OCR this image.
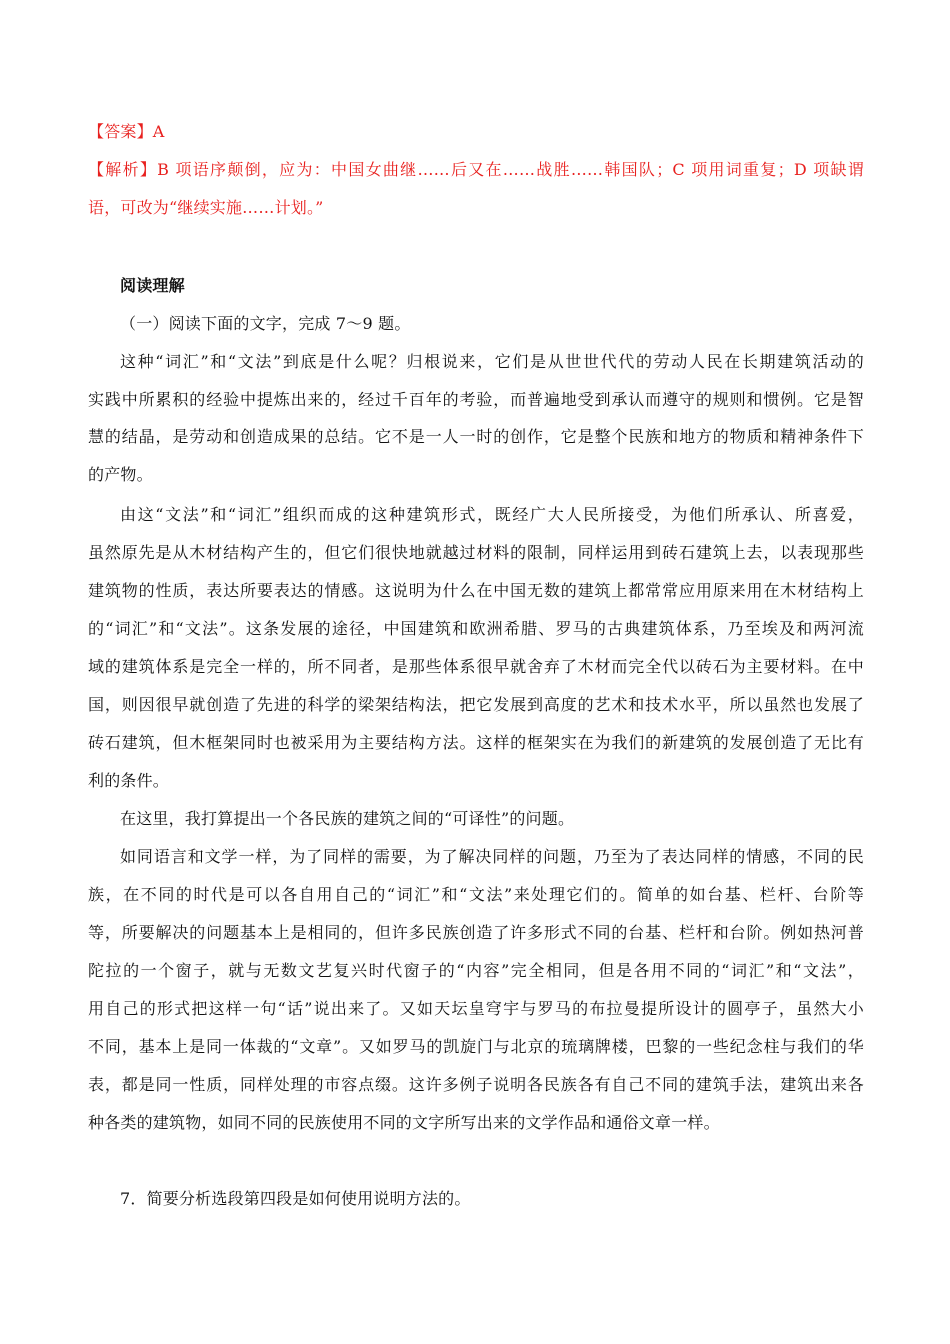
【答案】A
【解析】B 项语序颠倒，应为：中国女曲继……后又在……战胜……韩国队；C 项用词重复；D 项缺谓
语，可改为“继续实施……计划。”
阅读理解
（一）阅读下面的文字，完成 7～9 题。
这种“词汇”和“文法”到底是什么呢？归根说来，它们是从世世代代的劳动人民在长期建筑活动的
实践中所累积的经验中提炼出来的，经过千百年的考验，而普遍地受到承认而遵守的规则和惯例。它是智
慧的结晶，是劳动和创造成果的总结。它不是一人一时的创作，它是整个民族和地方的物质和精神条件下
的产物。
由这“文法”和“词汇”组织而成的这种建筑形式，既经广大人民所接受，为他们所承认、所喜爱，
虽然原先是从木材结构产生的，但它们很快地就越过材料的限制，同样运用到砖石建筑上去，以表现那些
建筑物的性质，表达所要表达的情感。这说明为什么在中国无数的建筑上都常常应用原来用在木材结构上
的“词汇”和“文法”。这条发展的途径，中国建筑和欧洲希腊、罗马的古典建筑体系，乃至埃及和两河流
域的建筑体系是完全一样的，所不同者，是那些体系很早就舍弃了木材而完全代以砖石为主要材料。在中
国，则因很早就创造了先进的科学的梁架结构法，把它发展到高度的艺术和技术水平，所以虽然也发展了
砖石建筑，但木框架同时也被采用为主要结构方法。这样的框架实在为我们的新建筑的发展创造了无比有
利的条件。
在这里，我打算提出一个各民族的建筑之间的“可译性”的问题。
如同语言和文学一样，为了同样的需要，为了解决同样的问题，乃至为了表达同样的情感，不同的民
族，在不同的时代是可以各自用自己的“词汇”和“文法”来处理它们的。简单的如台基、栏杆、台阶等
等，所要解决的问题基本上是相同的，但许多民族创造了许多形式不同的台基、栏杆和台阶。例如热河普
陀拉的一个窗子，就与无数文艺复兴时代窗子的“内容”完全相同，但是各用不同的“词汇”和“文法”，
用自己的形式把这样一句“话”说出来了。又如天坛皇穹宇与罗马的布拉曼提所设计的圆亭子，虽然大小
不同，基本上是同一体裁的“文章”。又如罗马的凯旋门与北京的琉璃牌楼，巴黎的一些纪念柱与我们的华
表，都是同一性质，同样处理的市容点缀。这许多例子说明各民族各有自己不同的建筑手法，建筑出来各
种各类的建筑物，如同不同的民族使用不同的文字所写出来的文学作品和通俗文章一样。
7．简要分析选段第四段是如何使用说明方法的。
